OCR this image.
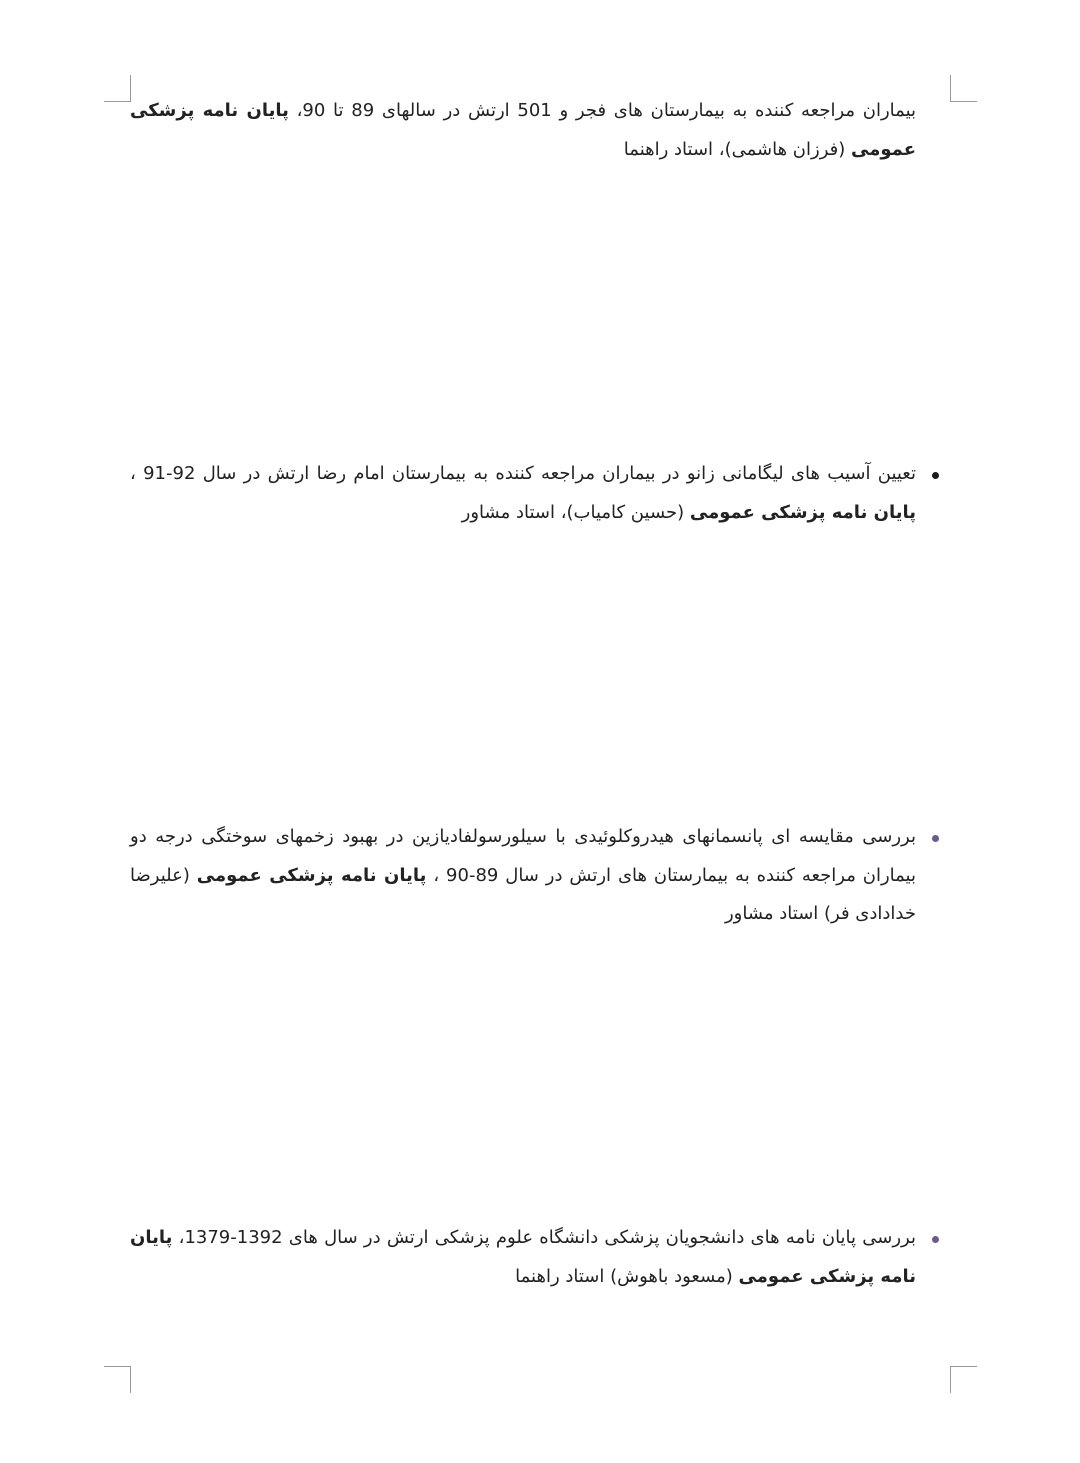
بیماران مراجعه کننده به بیمارستان های فجر و 501 ارتش در سالهای 89 تا 90، پایان نامه پزشکی عمومی (فرزان هاشمی)، استاد راهنما

تعیین آسیب های لیگامانی زانو در بیماران مراجعه کننده به بیمارستان امام رضا ارتش در سال 92-91 ، پایان نامه پزشکی عمومی (حسین کامیاب)، استاد مشاور

بررسی مقایسه ای پانسمانهای هیدروکلوئیدی با سیلورسولفادیازین در بهبود زخمهای سوختگی درجه دو بیماران مراجعه کننده به بیمارستان های ارتش در سال 89-90 ، پایان نامه پزشکی عمومی (علیرضا خدادادی فر) استاد مشاور

بررسی پایان نامه های دانشجویان پزشکی دانشگاه علوم پزشکی ارتش در سال های 1392-1379، پایان نامه پزشکی عمومی (مسعود باهوش) استاد راهنما
